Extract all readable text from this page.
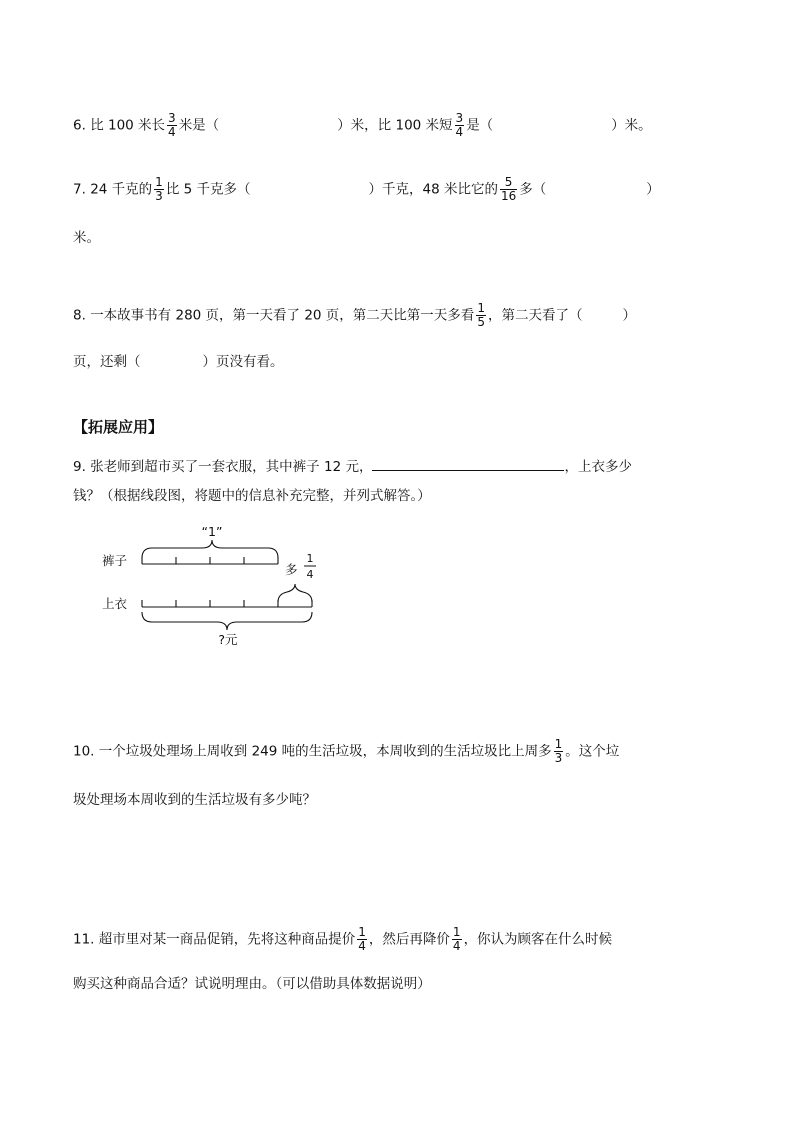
6. 比 100 米长 $\frac{3}{4}$ 米是（	）米，比 100 米短 $\frac{3}{4}$ 是（	）米。
7. 24 千克的 $\frac{1}{3}$ 比 5 千克多（	）千克，48 米比它的 $\frac{5}{16}$ 多（	）
米。
8. 一本故事书有 280 页，第一天看了 20 页，第二天比第一天多看 $\frac{1}{5}$ ，第二天看了（	）
页，还剩（	）页没有看。
【拓展应用】
9. 张老师到超市买了一套衣服，其中裤子 12 元，	，上衣多少
钱？（根据线段图，将题中的信息补充完整，并列式解答。）
“1”
裤子
多
1
4
上衣
?元
10. 一个垃圾处理场上周收到 249 吨的生活垃圾，本周收到的生活垃圾比上周多 $\frac{1}{3}$ 。这个垃
圾处理场本周收到的生活垃圾有多少吨？
11. 超市里对某一商品促销，先将这种商品提价 $\frac{1}{4}$ ，然后再降价 $\frac{1}{4}$ ，你认为顾客在什么时候
购买这种商品合适？试说明理由。（可以借助具体数据说明）
